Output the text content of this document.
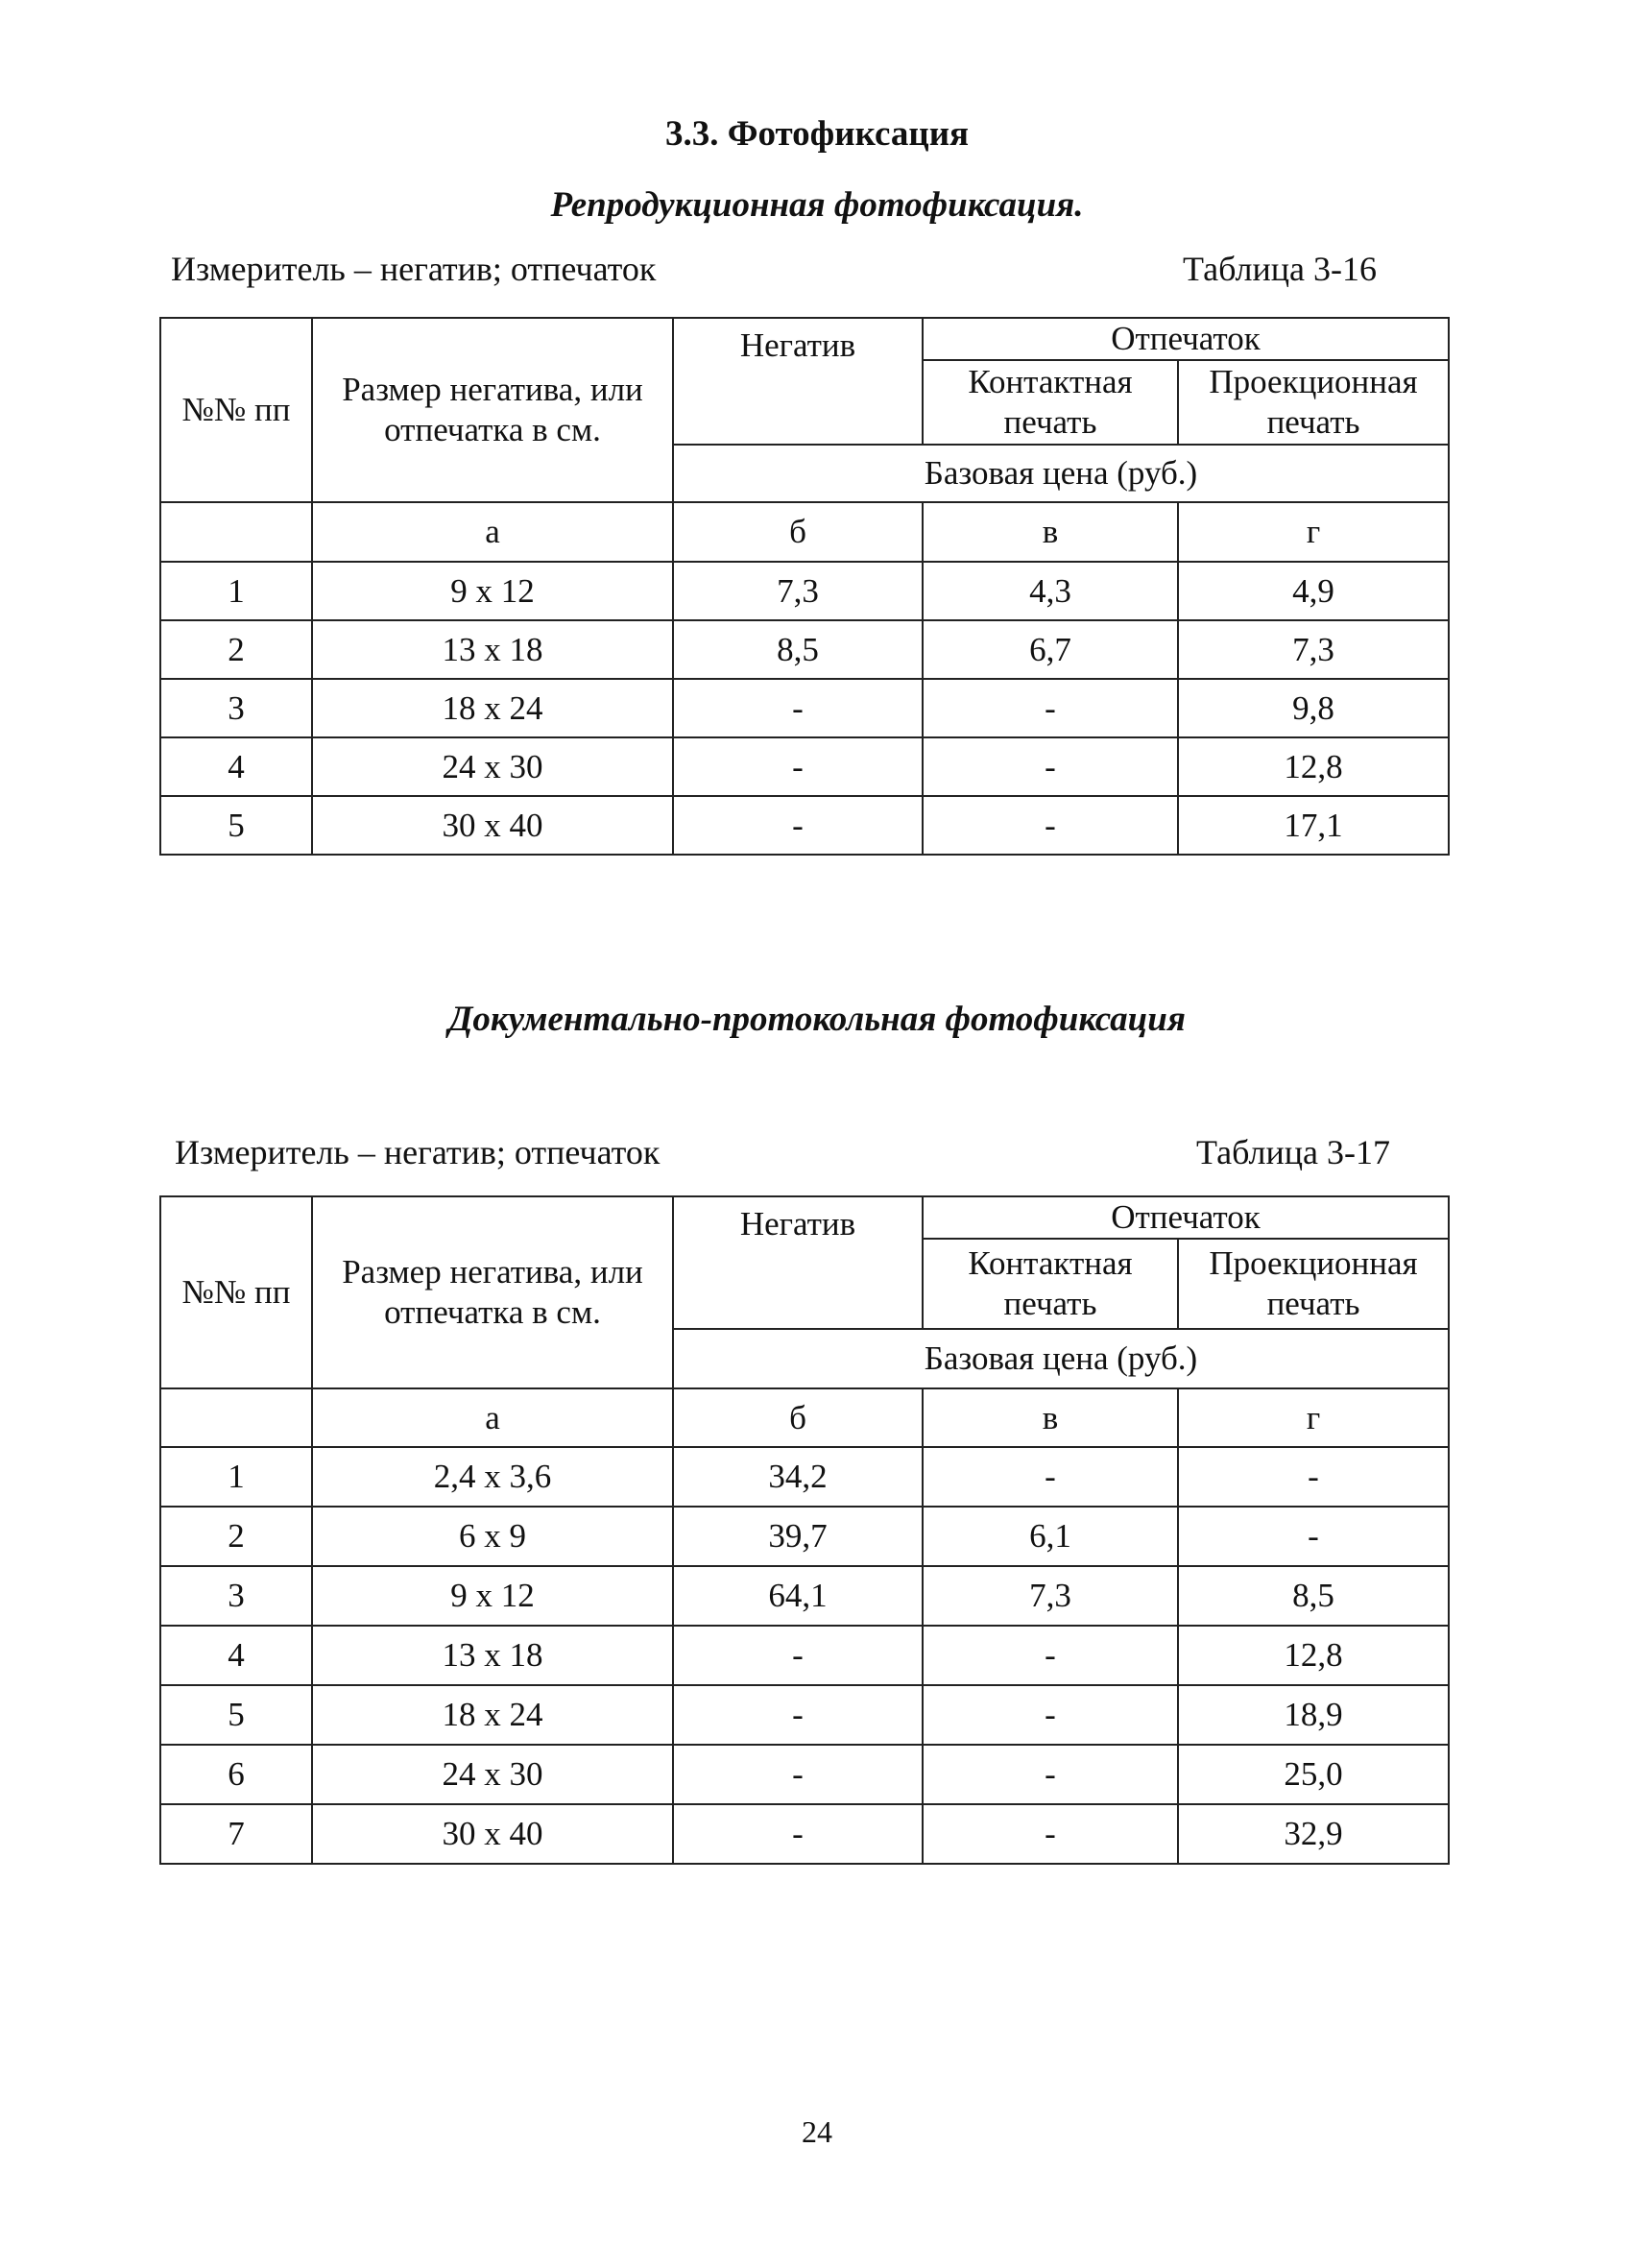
3.3. Фотофиксация
Репродукционная фотофиксация.
Измеритель – негатив; отпечаток	Таблица 3-16
№№ пп	Размер негатива, или отпечатка в см.	Негатив	Отпечаток	
			Контактная печать	Проекционная печать
		Базовая цена (руб.)		
	а	б	в	г
1	9 х 12	7,3	4,3	4,9
2	13 х 18	8,5	6,7	7,3
3	18 х 24	-	-	9,8
4	24 х 30	-	-	12,8
5	30 х 40	-	-	17,1
Документально-протокольная фотофиксация
Измеритель – негатив; отпечаток	Таблица 3-17
№№ пп	Размер негатива, или отпечатка в см.	Негатив	Отпечаток	
			Контактная печать	Проекционная печать
		Базовая цена (руб.)		
	а	б	в	г
1	2,4 х 3,6	34,2	-	-
2	6 х 9	39,7	6,1	-
3	9 х 12	64,1	7,3	8,5
4	13 х 18	-	-	12,8
5	18 х 24	-	-	18,9
6	24 х 30	-	-	25,0
7	30 х 40	-	-	32,9
24
